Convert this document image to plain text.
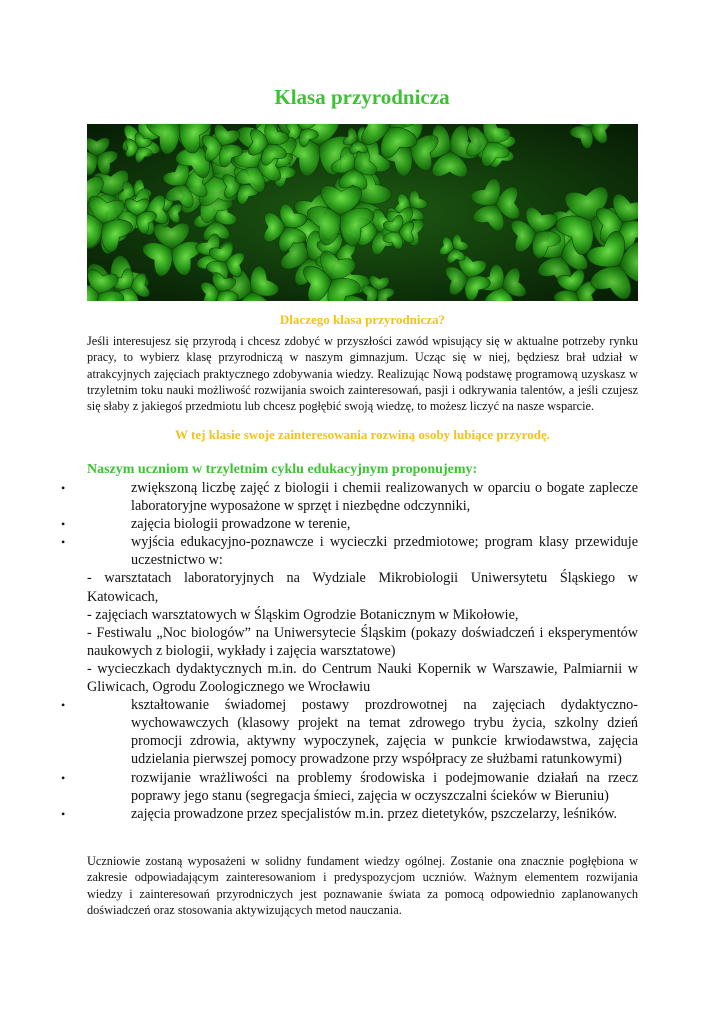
Klasa przyrodnicza
Dlaczego klasa przyrodnicza?

Jeśli interesujesz się przyrodą i chcesz zdobyć w przyszłości zawód wpisujący się w aktualne potrzeby rynku pracy, to wybierz klasę przyrodniczą w naszym gimnazjum. Ucząc się w niej, będziesz brał udział w atrakcyjnych zajęciach praktycznego zdobywania wiedzy. Realizując Nową podstawę programową uzyskasz w trzyletnim toku nauki możliwość rozwijania swoich zainteresowań, pasji i odkrywania talentów, a jeśli czujesz się słaby z jakiegoś przedmiotu lub chcesz pogłębić swoją wiedzę, to możesz liczyć na nasze wsparcie.

W tej klasie swoje zainteresowania rozwiną osoby lubiące przyrodę.
Naszym uczniom w trzyletnim cyklu edukacyjnym proponujemy:
•	zwiększoną liczbę zajęć z biologii i chemii realizowanych w oparciu o bogate zaplecze laboratoryjne wyposażone w sprzęt i niezbędne odczynniki,
•	zajęcia biologii prowadzone w terenie,
•	wyjścia edukacyjno-poznawcze i wycieczki przedmiotowe; program klasy przewiduje uczestnictwo w:
- warsztatach laboratoryjnych na Wydziale Mikrobiologii Uniwersytetu Śląskiego w Katowicach,
- zajęciach warsztatowych w Śląskim Ogrodzie Botanicznym w Mikołowie,
- Festiwalu „Noc biologów” na Uniwersytecie Śląskim (pokazy doświadczeń i eksperymentów naukowych z biologii, wykłady i zajęcia warsztatowe)
- wycieczkach dydaktycznych m.in. do Centrum Nauki Kopernik w Warszawie, Palmiarnii w Gliwicach, Ogrodu Zoologicznego we Wrocławiu
•	kształtowanie świadomej postawy prozdrowotnej na zajęciach dydaktyczno-wychowawczych (klasowy projekt na temat zdrowego trybu życia, szkolny dzień promocji zdrowia, aktywny wypoczynek, zajęcia w punkcie krwiodawstwa, zajęcia udzielania pierwszej pomocy prowadzone przy współpracy ze służbami ratunkowymi)
•	rozwijanie wrażliwości na problemy środowiska i podejmowanie działań na rzecz poprawy jego stanu (segregacja śmieci, zajęcia w oczyszczalni ścieków w Bieruniu)
•	zajęcia prowadzone przez specjalistów m.in. przez dietetyków, pszczelarzy, leśników.

Uczniowie zostaną wyposażeni w solidny fundament wiedzy ogólnej. Zostanie ona znacznie pogłębiona w zakresie odpowiadającym zainteresowaniom i predyspozycjom uczniów. Ważnym elementem rozwijania wiedzy i zainteresowań przyrodniczych jest poznawanie świata za pomocą odpowiednio zaplanowanych doświadczeń oraz stosowania aktywizujących metod nauczania.
